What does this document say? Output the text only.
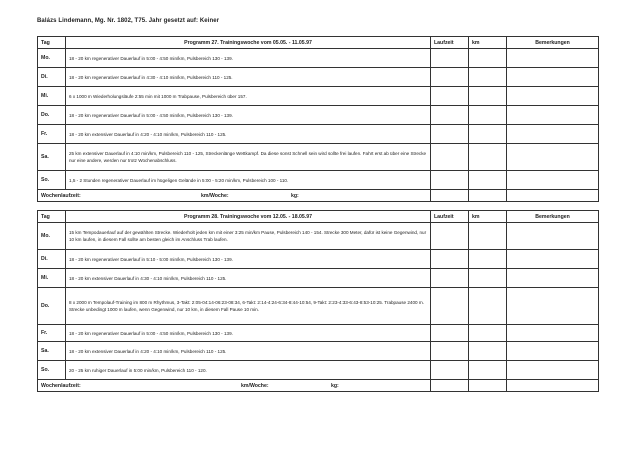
Balázs Lindemann, Mg. Nr. 1802, T75. Jahr gesetzt auf: Keiner
Tag	Programm 27. Trainingswoche vom 05.05. - 11.05.97	Laufzeit	km	Bemerkungen
Mo.	18 - 20 km regenerativer Dauerlauf in 5:00 - 4:50 min/km, Pulsbereich 130 - 139.			
Di.	18 - 20 km regenerativer Dauerlauf in 4:30 - 4:10 min/km, Pulsbereich 110 - 125.			
Mi.	6 x 1000 m Wiederholungsläufe 2:55 min mit 1000 m Trabpause, Pulsbereich über 157.			
Do.	18 - 20 km regenerativer Dauerlauf in 5:00 - 4:50 min/km, Pulsbereich 130 - 139.			
Fr.	18 - 20 km extensiver Dauerlauf in 4:20 - 4:10 min/km, Pulsbereich 110 - 125.			
Sa.	25 km extensiver Dauerlauf in 4:10 min/km, Pulsbereich 110 - 125, Streckenlänge Wettkampf. Da diese sonst Schnell sein wird sollte frei laufen. Fahrt erst ab über eine Strecke nur eine andere, werden nur trotz Wochenabschluss.			
So.	1,5 - 2 Stunden regenerativer Dauerlauf im hügeligen Gelände in 5:00 - 5:20 min/km, Pulsbereich 100 - 110.			
Wochenlaufzeit: km/Woche: kg:				
Tag	Programm 28. Trainingswoche vom 12.05. - 18.05.97	Laufzeit	km	Bemerkungen
Mo.	15 km Tempodauerlauf auf der gewählten Strecke. Wiederholt jeden km mit einer 3:25 min/km Pause, Pulsbereich 140 - 154. Strecke 300 Meter, dafür ist keine Gegenwind, nur 10 km laufen, in diesem Fall sollte am besten gleich im Anschluss Trab laufen.			
Di.	18 - 20 km regenerativer Dauerlauf in 5:10 - 5:00 min/km, Pulsbereich 130 - 139.			
Mi.	18 - 20 km extensiver Dauerlauf in 4:30 - 4:10 min/km, Pulsbereich 110 - 125.			
Do.	8 x 2000 m Tempolauf-Training im 800 m Rhythmus, 3-Takt: 2:05-04:14-06:23-08:34, 6-Takt: 2:14-4:24-6:34-8:44-10:54, 9-Takt: 2:23-4:33-6:43-8:53-10:25. Trabpause 2400 m. Strecke unbedingt 1000 m laufen, wenn Gegenwind, nur 10 km, in diesem Fall Pause 10 min.			
Fr.	18 - 20 km regenerativer Dauerlauf in 5:00 - 4:50 min/km, Pulsbereich 130 - 139.			
Sa.	18 - 20 km extensiver Dauerlauf in 4:20 - 4:10 min/km, Pulsbereich 110 - 125.			
So.	20 - 25 km ruhiger Dauerlauf in 5:00 min/km, Pulsbereich 110 - 120.			
Wochenlaufzeit: km/Woche: kg:				
